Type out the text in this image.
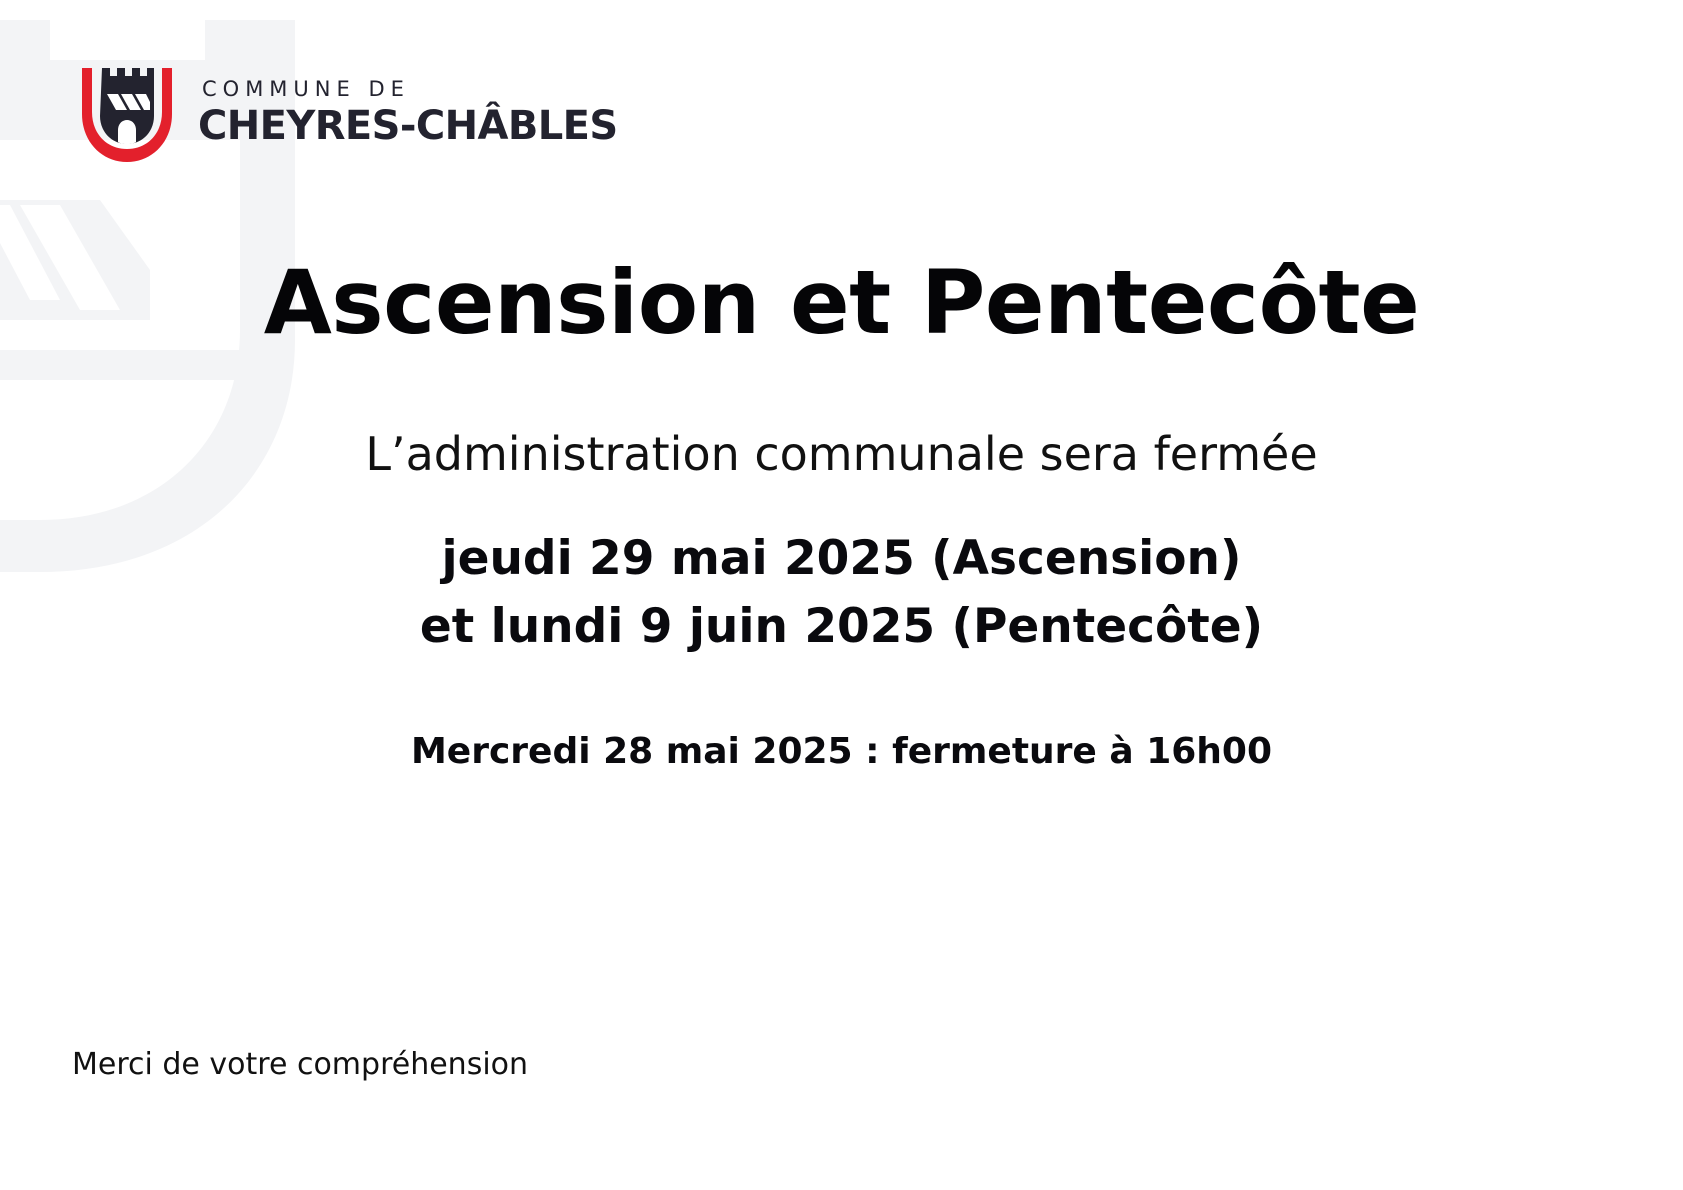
COMMUNE DE
CHEYRES-CHÂBLES
Ascension et Pentecôte
L’administration communale sera fermée
jeudi 29 mai 2025 (Ascension)
et lundi 9 juin 2025 (Pentecôte)
Mercredi 28 mai 2025 : fermeture à 16h00
Merci de votre compréhension
